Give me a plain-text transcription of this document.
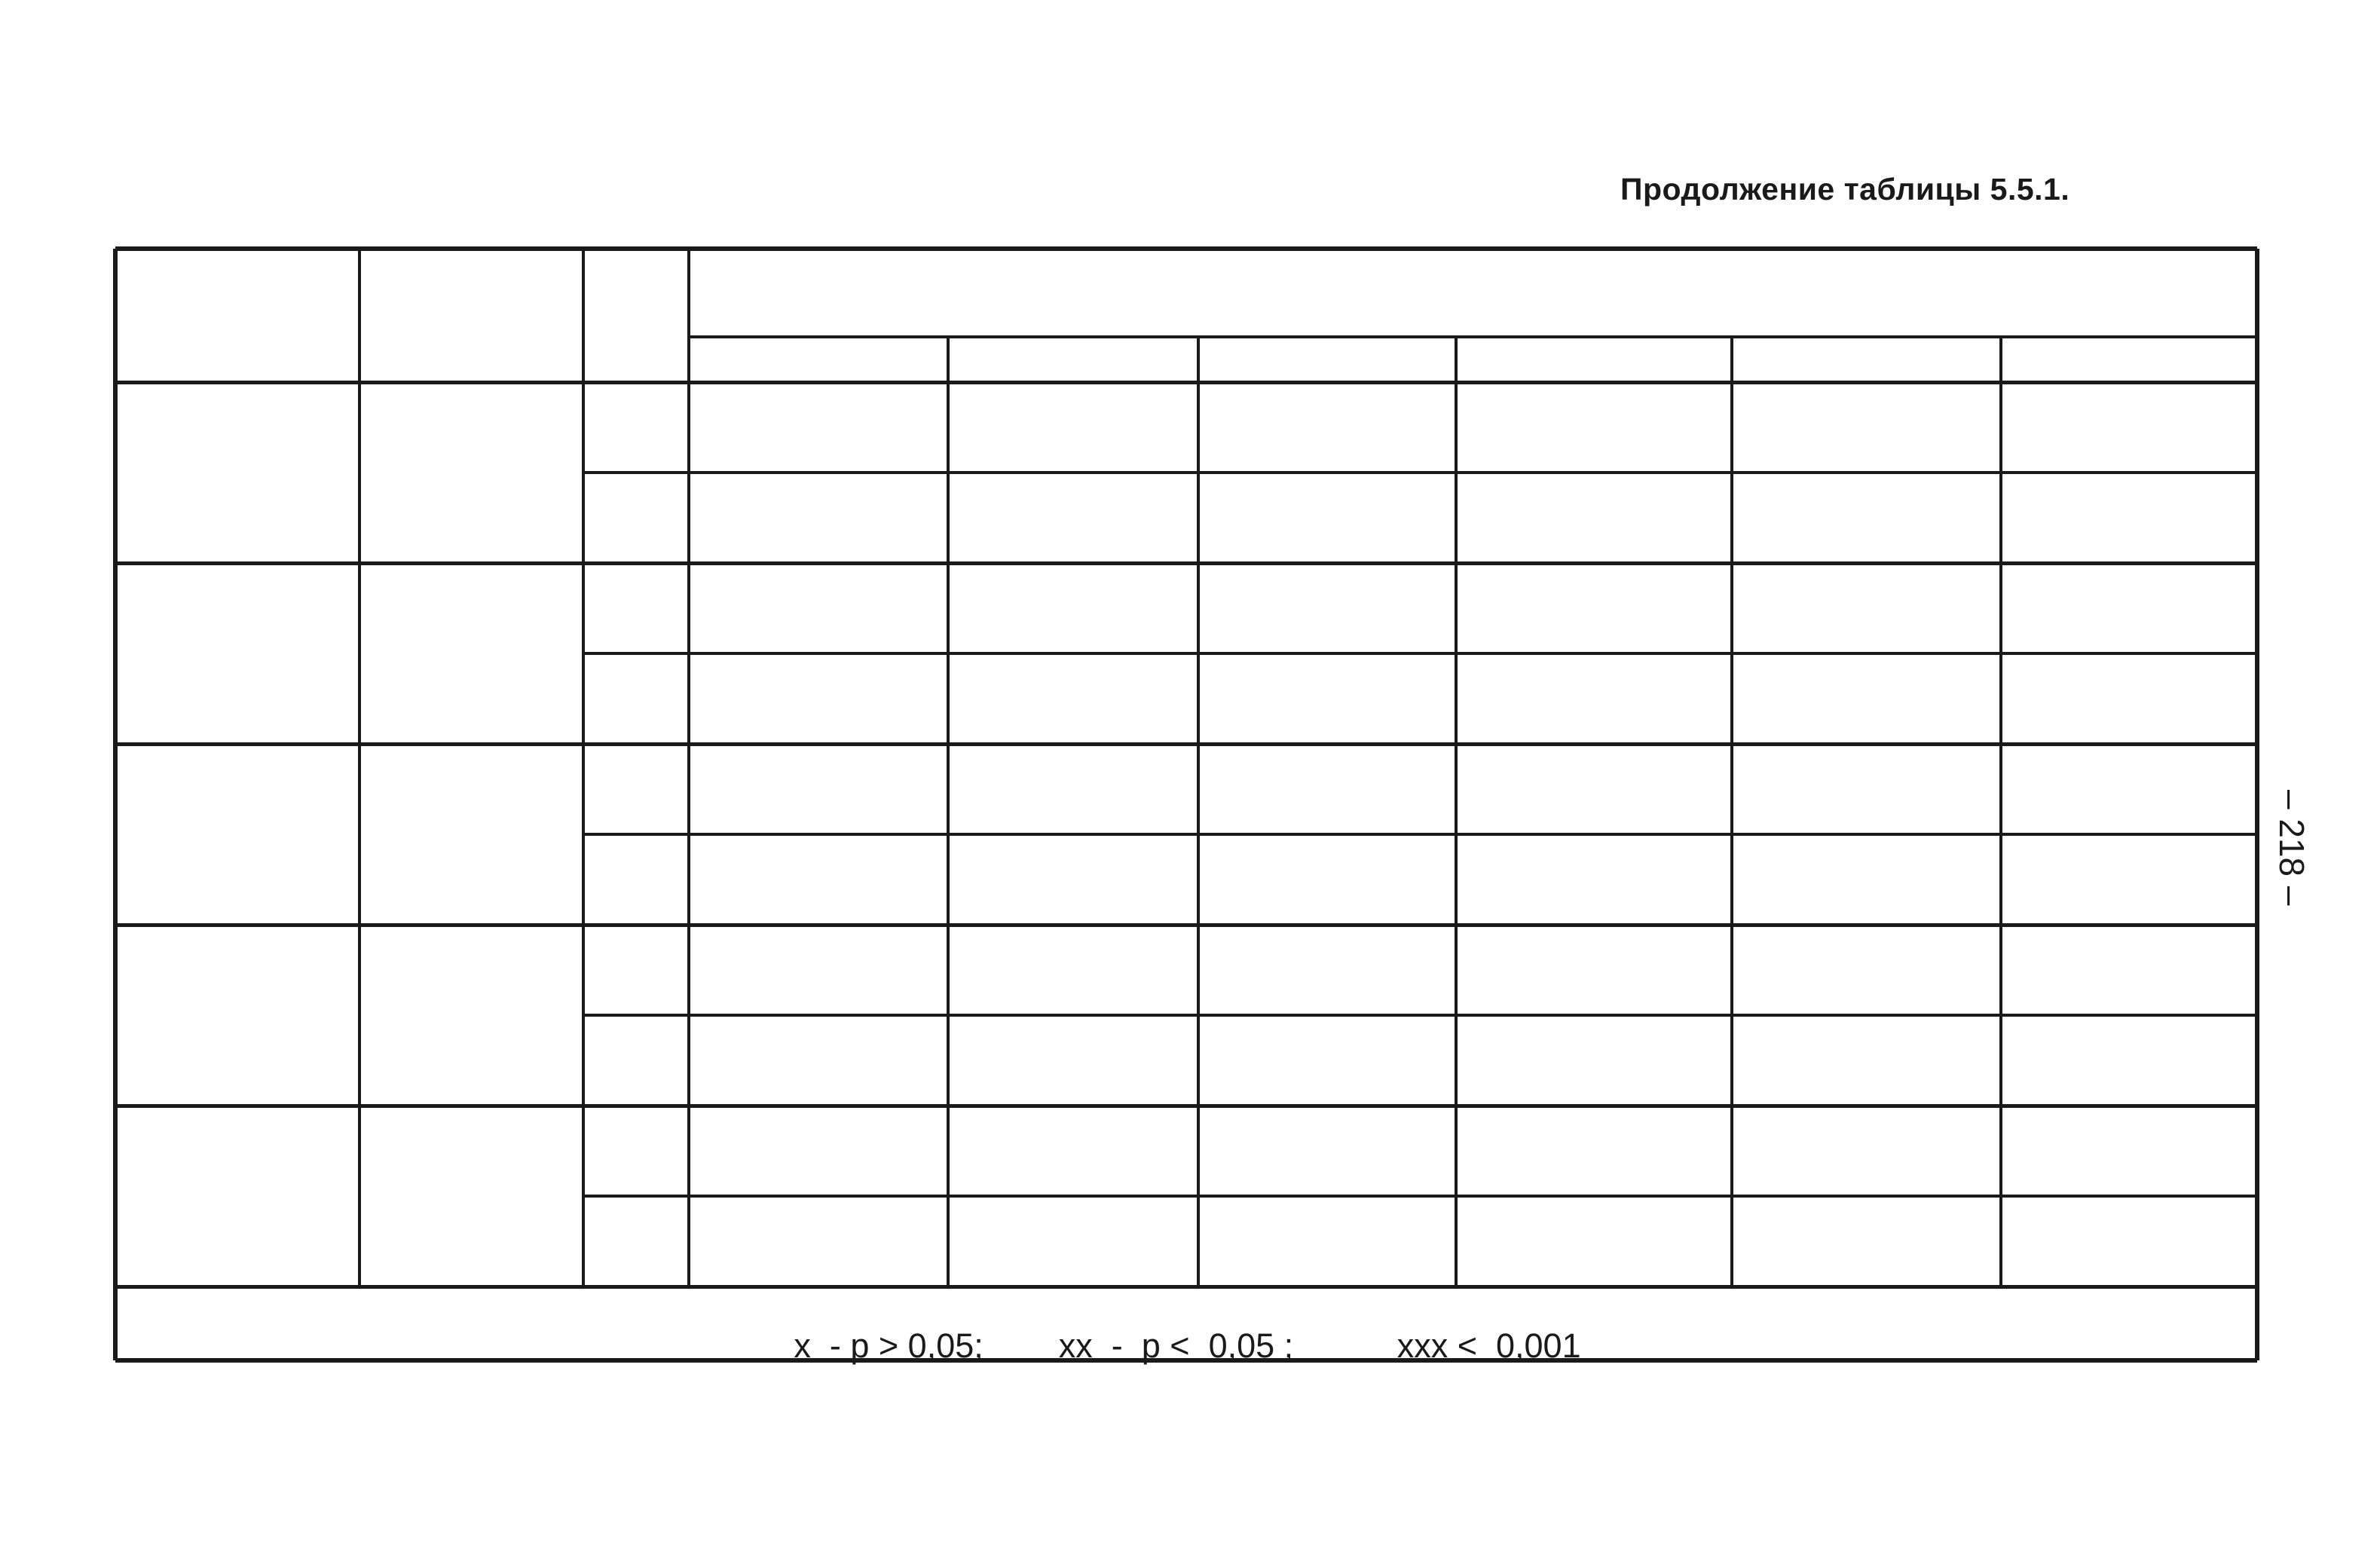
Продолжение таблицы 5.5.1.
– 218 –
x  - p > 0,05;        xx  -  p <  0,05 ;           xxx <  0,001
